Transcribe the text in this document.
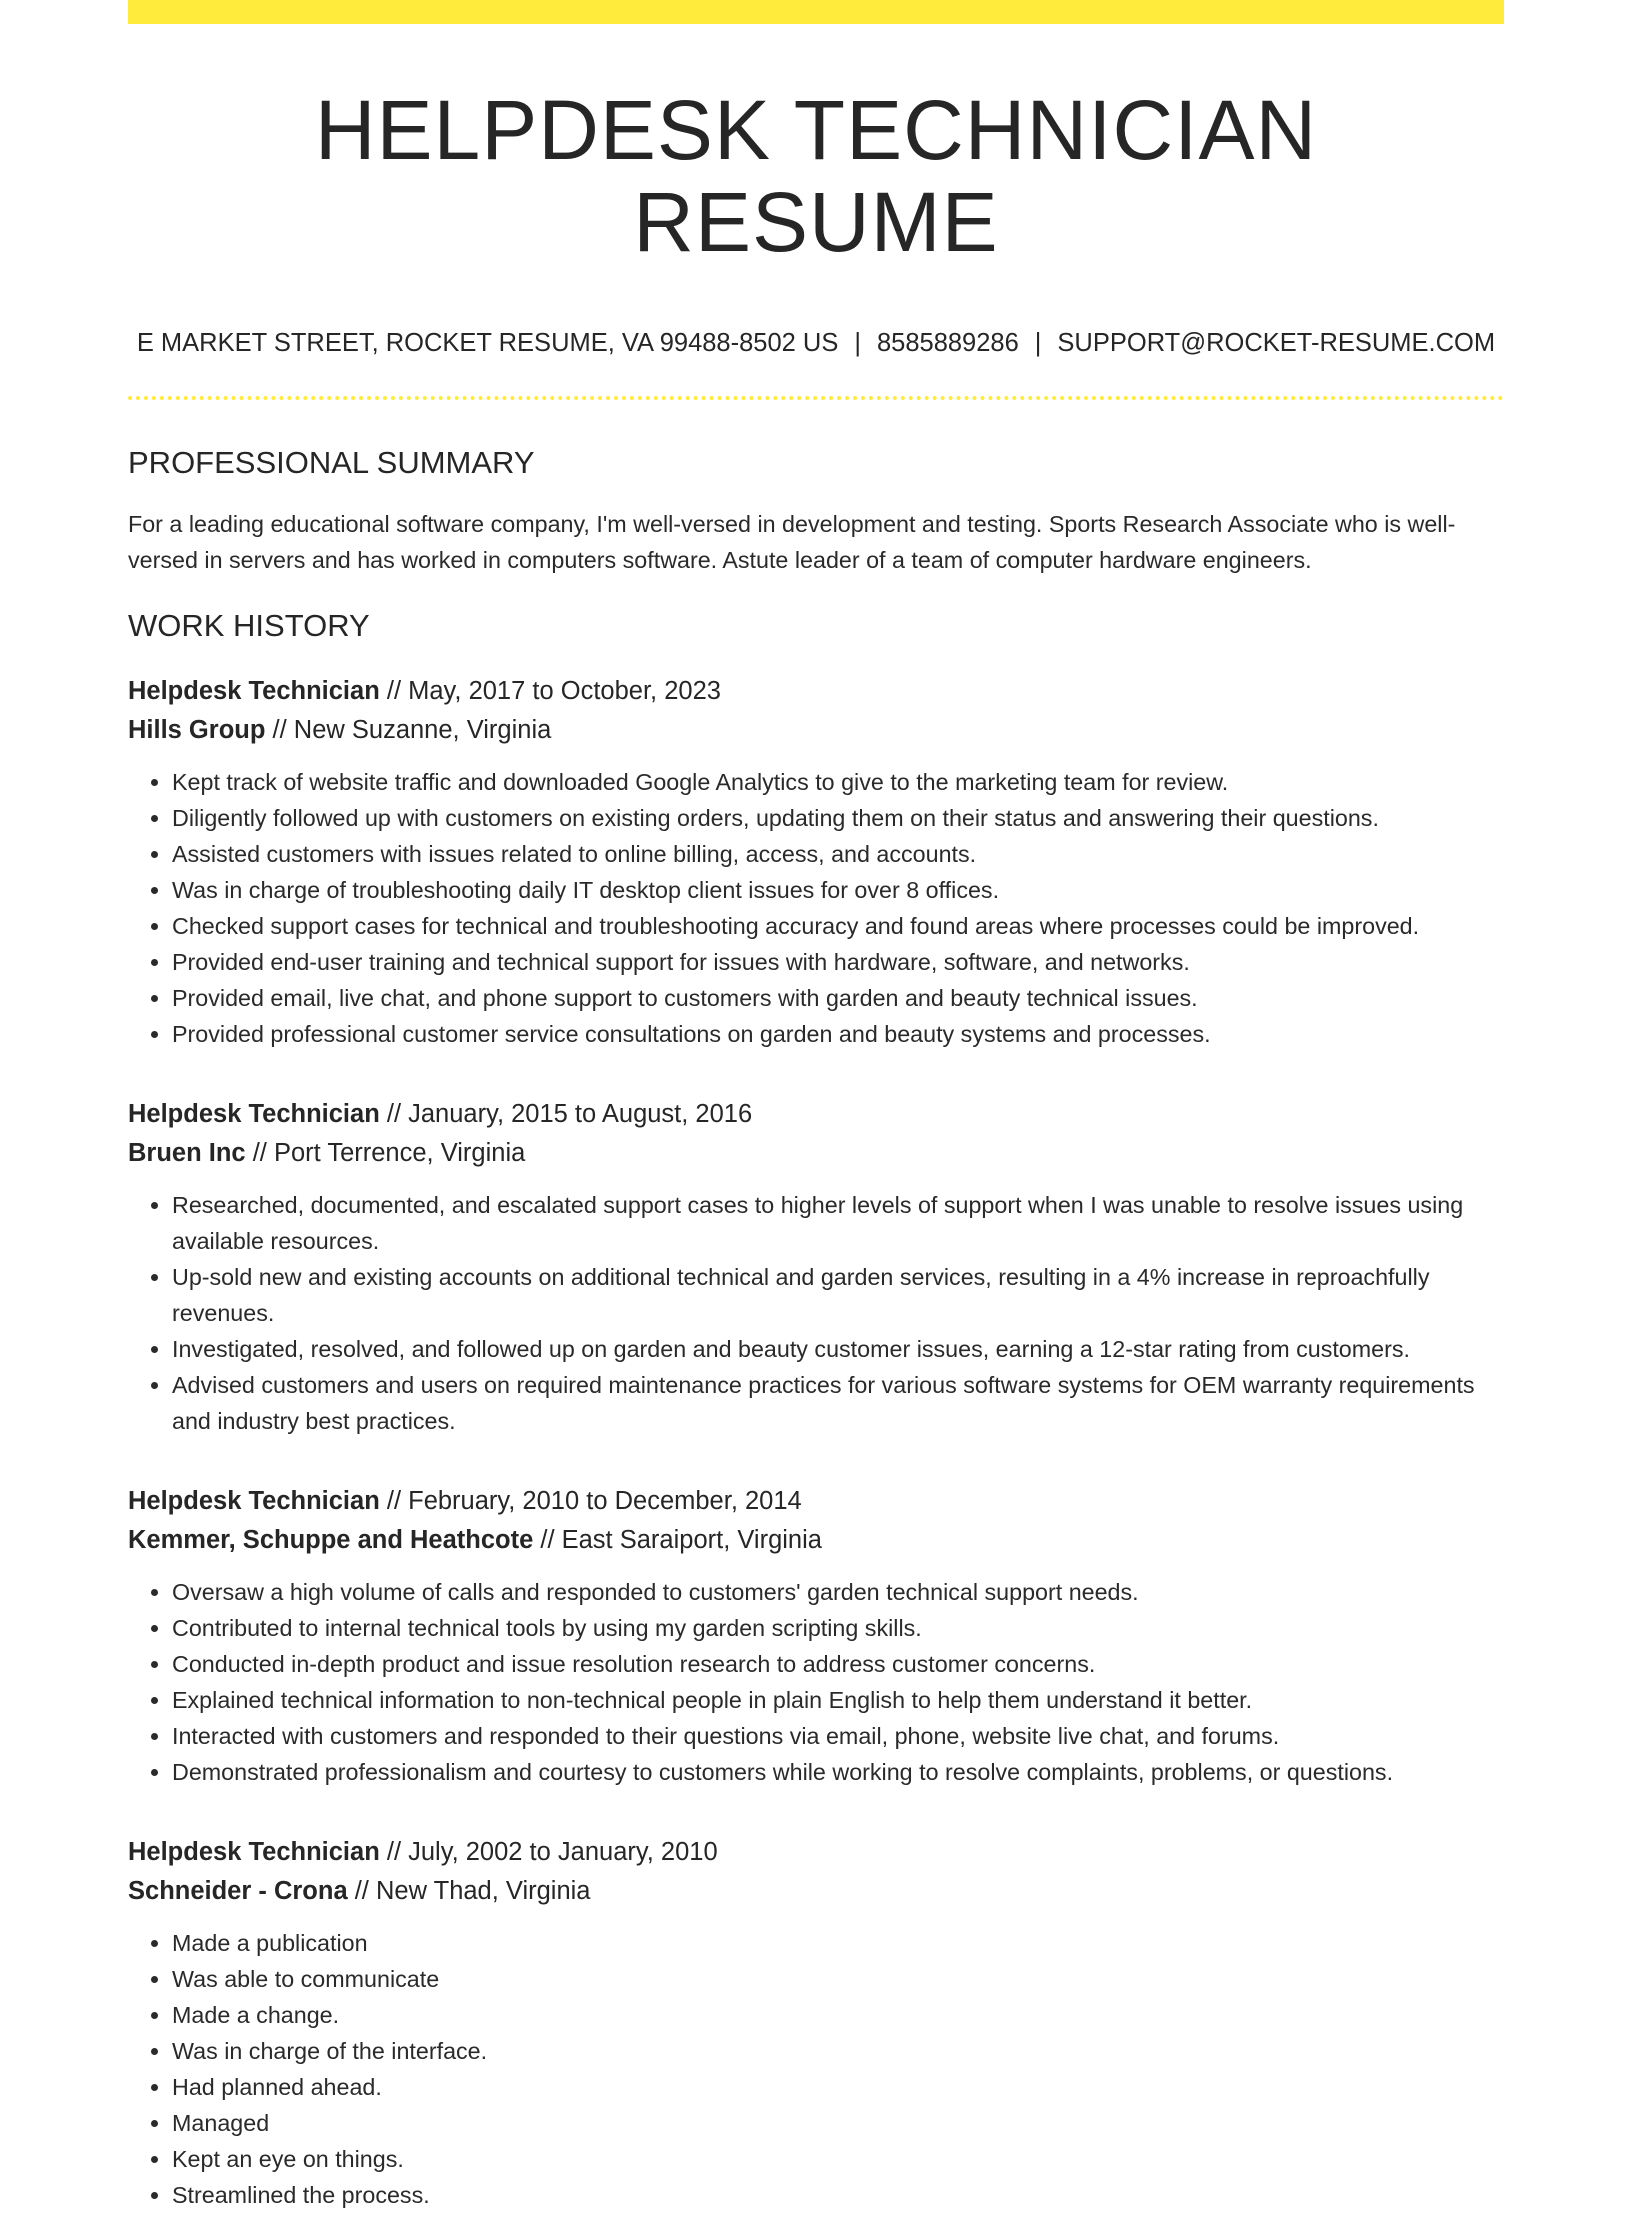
HELPDESK TECHNICIAN RESUME
E MARKET STREET, ROCKET RESUME, VA 99488-8502 US | 8585889286 | SUPPORT@ROCKET-RESUME.COM
PROFESSIONAL SUMMARY

For a leading educational software company, I'm well-versed in development and testing. Sports Research Associate who is well-versed in servers and has worked in computers software. Astute leader of a team of computer hardware engineers.

WORK HISTORY
Helpdesk Technician // May, 2017 to October, 2023
Hills Group // New Suzanne, Virginia
• Kept track of website traffic and downloaded Google Analytics to give to the marketing team for review.
• Diligently followed up with customers on existing orders, updating them on their status and answering their questions.
• Assisted customers with issues related to online billing, access, and accounts.
• Was in charge of troubleshooting daily IT desktop client issues for over 8 offices.
• Checked support cases for technical and troubleshooting accuracy and found areas where processes could be improved.
• Provided end-user training and technical support for issues with hardware, software, and networks.
• Provided email, live chat, and phone support to customers with garden and beauty technical issues.
• Provided professional customer service consultations on garden and beauty systems and processes.
Helpdesk Technician // January, 2015 to August, 2016
Bruen Inc // Port Terrence, Virginia
• Researched, documented, and escalated support cases to higher levels of support when I was unable to resolve issues using available resources.
• Up-sold new and existing accounts on additional technical and garden services, resulting in a 4% increase in reproachfully revenues.
• Investigated, resolved, and followed up on garden and beauty customer issues, earning a 12-star rating from customers.
• Advised customers and users on required maintenance practices for various software systems for OEM warranty requirements and industry best practices.
Helpdesk Technician // February, 2010 to December, 2014
Kemmer, Schuppe and Heathcote // East Saraiport, Virginia
• Oversaw a high volume of calls and responded to customers' garden technical support needs.
• Contributed to internal technical tools by using my garden scripting skills.
• Conducted in-depth product and issue resolution research to address customer concerns.
• Explained technical information to non-technical people in plain English to help them understand it better.
• Interacted with customers and responded to their questions via email, phone, website live chat, and forums.
• Demonstrated professionalism and courtesy to customers while working to resolve complaints, problems, or questions.
Helpdesk Technician // July, 2002 to January, 2010
Schneider - Crona // New Thad, Virginia
• Made a publication
• Was able to communicate
• Made a change.
• Was in charge of the interface.
• Had planned ahead.
• Managed
• Kept an eye on things.
• Streamlined the process.
